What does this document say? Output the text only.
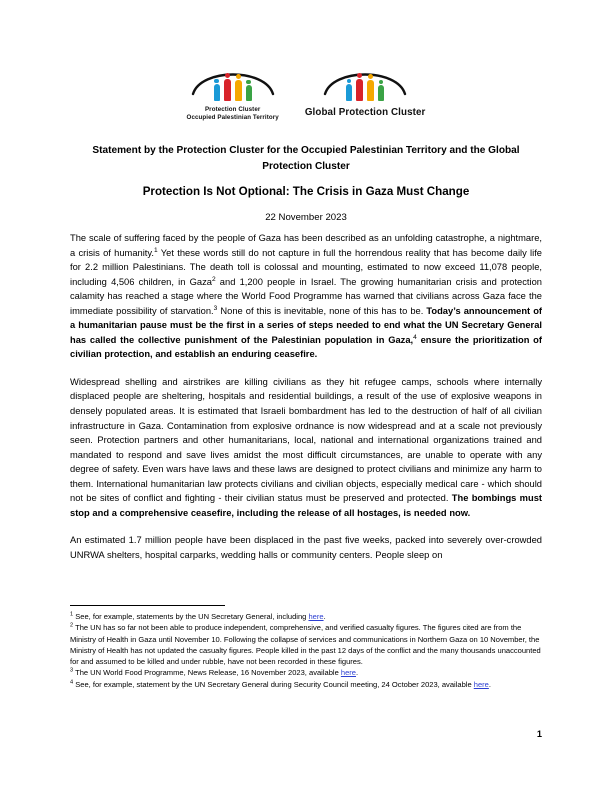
Protection Cluster
Occupied Palestinian Territory	Global Protection Cluster
Statement by the Protection Cluster for the Occupied Palestinian Territory and the Global Protection Cluster
Protection Is Not Optional: The Crisis in Gaza Must Change
22 November 2023

The scale of suffering faced by the people of Gaza has been described as an unfolding catastrophe, a nightmare, a crisis of humanity.$^1$ Yet these words still do not capture in full the horrendous reality that has become daily life for 2.2 million Palestinians. The death toll is colossal and mounting, estimated to now exceed 11,078 people, including 4,506 children, in Gaza$^2$ and 1,200 people in Israel. The growing humanitarian crisis and protection calamity has reached a stage where the World Food Programme has warned that civilians across Gaza face the immediate possibility of starvation.$^3$ None of this is inevitable, none of this has to be. Today’s announcement of a humanitarian pause must be the first in a series of steps needed to end what the UN Secretary General has called the collective punishment of the Palestinian population in Gaza,$^4$ ensure the prioritization of civilian protection, and establish an enduring ceasefire.

Widespread shelling and airstrikes are killing civilians as they hit refugee camps, schools where internally displaced people are sheltering, hospitals and residential buildings, a result of the use of explosive weapons in densely populated areas. It is estimated that Israeli bombardment has led to the destruction of half of all civilian infrastructure in Gaza. Contamination from explosive ordnance is now widespread and at a scale not previously seen. Protection partners and other humanitarians, local, national and international organizations trained and mandated to respond and save lives amidst the most difficult circumstances, are unable to operate with any degree of safety. Even wars have laws and these laws are designed to protect civilians and minimize any harm to them. International humanitarian law protects civilians and civilian objects, especially medical care - which should not be sites of conflict and fighting - their civilian status must be preserved and protected. The bombings must stop and a comprehensive ceasefire, including the release of all hostages, is needed now.

An estimated 1.7 million people have been displaced in the past five weeks, packed into severely over-crowded UNRWA shelters, hospital carparks, wedding halls or community centers. People sleep on

$^1$ See, for example, statements by the UN Secretary General, including here.

$^2$ The UN has so far not been able to produce independent, comprehensive, and verified casualty figures. The figures cited are from the Ministry of Health in Gaza until November 10. Following the collapse of services and communications in Northern Gaza on 10 November, the Ministry of Health has not updated the casualty figures. People killed in the past 12 days of the conflict and the many thousands unaccounted for and assumed to be killed and under rubble, have not been recorded in these figures.

$^3$ The UN World Food Programme, News Release, 16 November 2023, available here.

$^4$ See, for example, statement by the UN Secretary General during Security Council meeting, 24 October 2023, available here.

1
